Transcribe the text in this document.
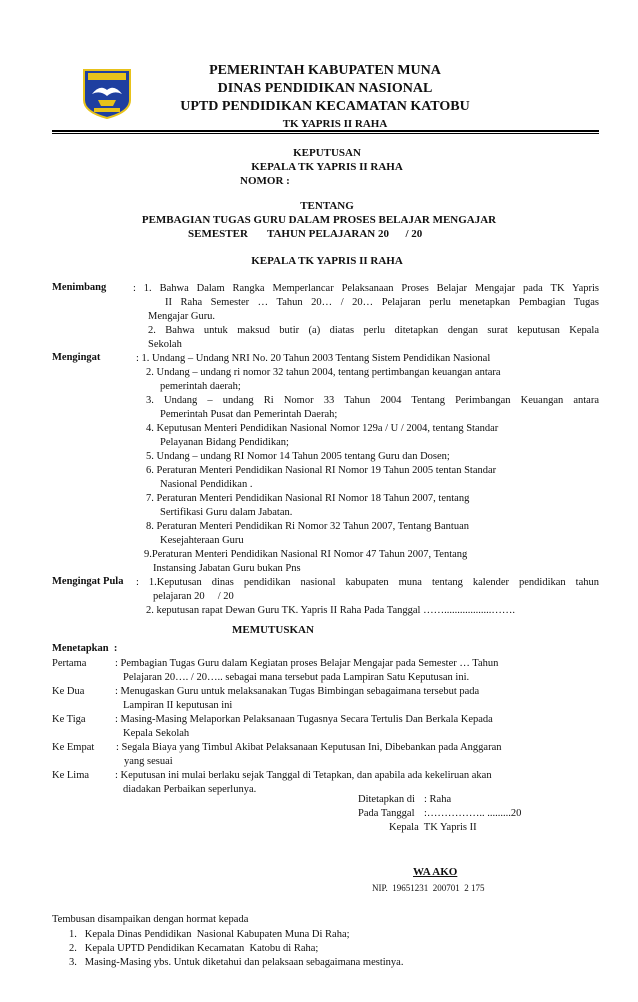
PEMERINTAH KABUPATEN MUNA
DINAS PENDIDIKAN NASIONAL
UPTD PENDIDIKAN KECAMATAN KATOBU
TK YAPRIS II RAHA
KEPUTUSAN
KEPALA TK YAPRIS II RAHA
NOMOR :
TENTANG
PEMBAGIAN TUGAS GURU DALAM PROSES BELAJAR MENGAJAR
SEMESTER       TAHUN PELAJARAN 20      / 20
KEPALA TK YAPRIS II RAHA
Menimbang	: 1. Bahwa Dalam Rangka Memperlancar Pelaksanaan Proses Belajar Mengajar pada TK Yapris
II Raha Semester … Tahun 20… / 20… Pelajaran perlu menetapkan Pembagian Tugas
Mengajar Guru.
2. Bahwa untuk maksud butir (a) diatas perlu ditetapkan dengan surat keputusan Kepala
Sekolah
Mengingat	: 1. Undang – Undang NRI No. 20 Tahun 2003 Tentang Sistem Pendidikan Nasional
2. Undang – undang ri nomor 32 tahun 2004, tentang pertimbangan keuangan antara
pemerintah daerah;
3. Undang – undang Ri Nomor 33 Tahun 2004 Tentang Perimbangan Keuangan antara
Pemerintah Pusat dan Pemerintah Daerah;
4. Keputusan Menteri Pendidikan Nasional Nomor 129a / U / 2004, tentang Standar
Pelayanan Bidang Pendidikan;
5. Undang – undang RI Nomor 14 Tahun 2005 tentang Guru dan Dosen;
6. Peraturan Menteri Pendidikan Nasional RI Nomor 19 Tahun 2005 tentan Standar
Nasional Pendidikan .
7. Peraturan Menteri Pendidikan Nasional RI Nomor 18 Tahun 2007, tentang
Sertifikasi Guru dalam Jabatan.
8. Peraturan Menteri Pendidikan Ri Nomor 32 Tahun 2007, Tentang Bantuan
Kesejahteraan Guru
9.Peraturan Menteri Pendidikan Nasional RI Nomor 47 Tahun 2007, Tentang
Instansing Jabatan Guru bukan Pns
Mengingat Pula : 1.Keputusan dinas pendidikan nasional kabupaten muna tentang kalender pendidikan tahun
pelajaran 20     / 20
2. keputusan rapat Dewan Guru TK. Yapris II Raha Pada Tanggal ……..................…….
MEMUTUSKAN
Menetapkan  :
Pertama	: Pembagian Tugas Guru dalam Kegiatan proses Belajar Mengajar pada Semester … Tahun
Pelajaran 20…. / 20….. sebagai mana tersebut pada Lampiran Satu Keputusan ini.
Ke Dua	: Menugaskan Guru untuk melaksanakan Tugas Bimbingan sebagaimana tersebut pada
Lampiran II keputusan ini
Ke Tiga	: Masing-Masing Melaporkan Pelaksanaan Tugasnya Secara Tertulis Dan Berkala Kepada
Kepala Sekolah
Ke Empat : Segala Biaya yang Timbul Akibat Pelaksanaan Keputusan Ini, Dibebankan pada Anggaran
yang sesuai
Ke Lima : Keputusan ini mulai berlaku sejak Tanggal di Tetapkan, dan apabila ada kekeliruan akan
diadakan Perbaikan seperlunya.
Ditetapkan di : Raha
Pada Tanggal :…………….. .........20
Kepala  TK Yapris II
WA AKO
NIP.  19651231  200701  2 175
Tembusan disampaikan dengan hormat kepada
1.   Kepala Dinas Pendidikan  Nasional Kabupaten Muna Di Raha;
2.   Kepala UPTD Pendidikan Kecamatan  Katobu di Raha;
3.   Masing-Masing ybs. Untuk diketahui dan pelaksaan sebagaimana mestinya.
